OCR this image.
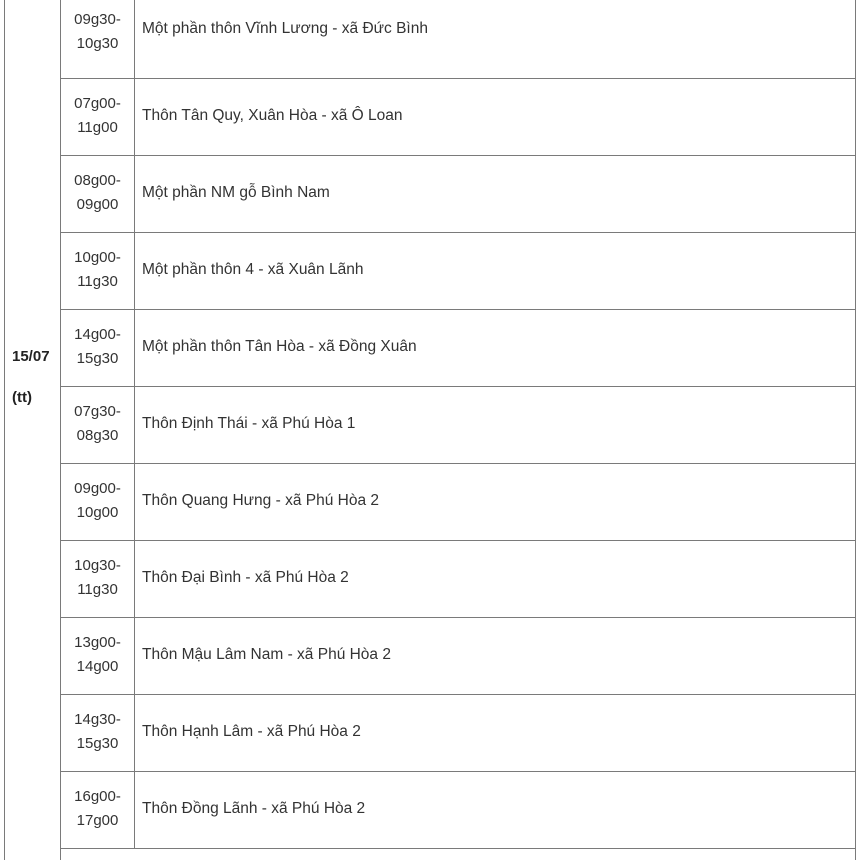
15/07
(tt)
09g30-
10g30
Một phần thôn Vĩnh Lương - xã Đức Bình
07g00-
11g00
Thôn Tân Quy, Xuân Hòa - xã Ô Loan
08g00-
09g00
Một phần NM gỗ Bình Nam
10g00-
11g30
Một phần thôn 4 - xã Xuân Lãnh
14g00-
15g30
Một phần thôn Tân Hòa - xã Đồng Xuân
07g30-
08g30
Thôn Định Thái - xã Phú Hòa 1
09g00-
10g00
Thôn Quang Hưng - xã Phú Hòa 2
10g30-
11g30
Thôn Đại Bình - xã Phú Hòa 2
13g00-
14g00
Thôn Mậu Lâm Nam - xã Phú Hòa 2
14g30-
15g30
Thôn Hạnh Lâm - xã Phú Hòa 2
16g00-
17g00
Thôn Đồng Lãnh - xã Phú Hòa 2
